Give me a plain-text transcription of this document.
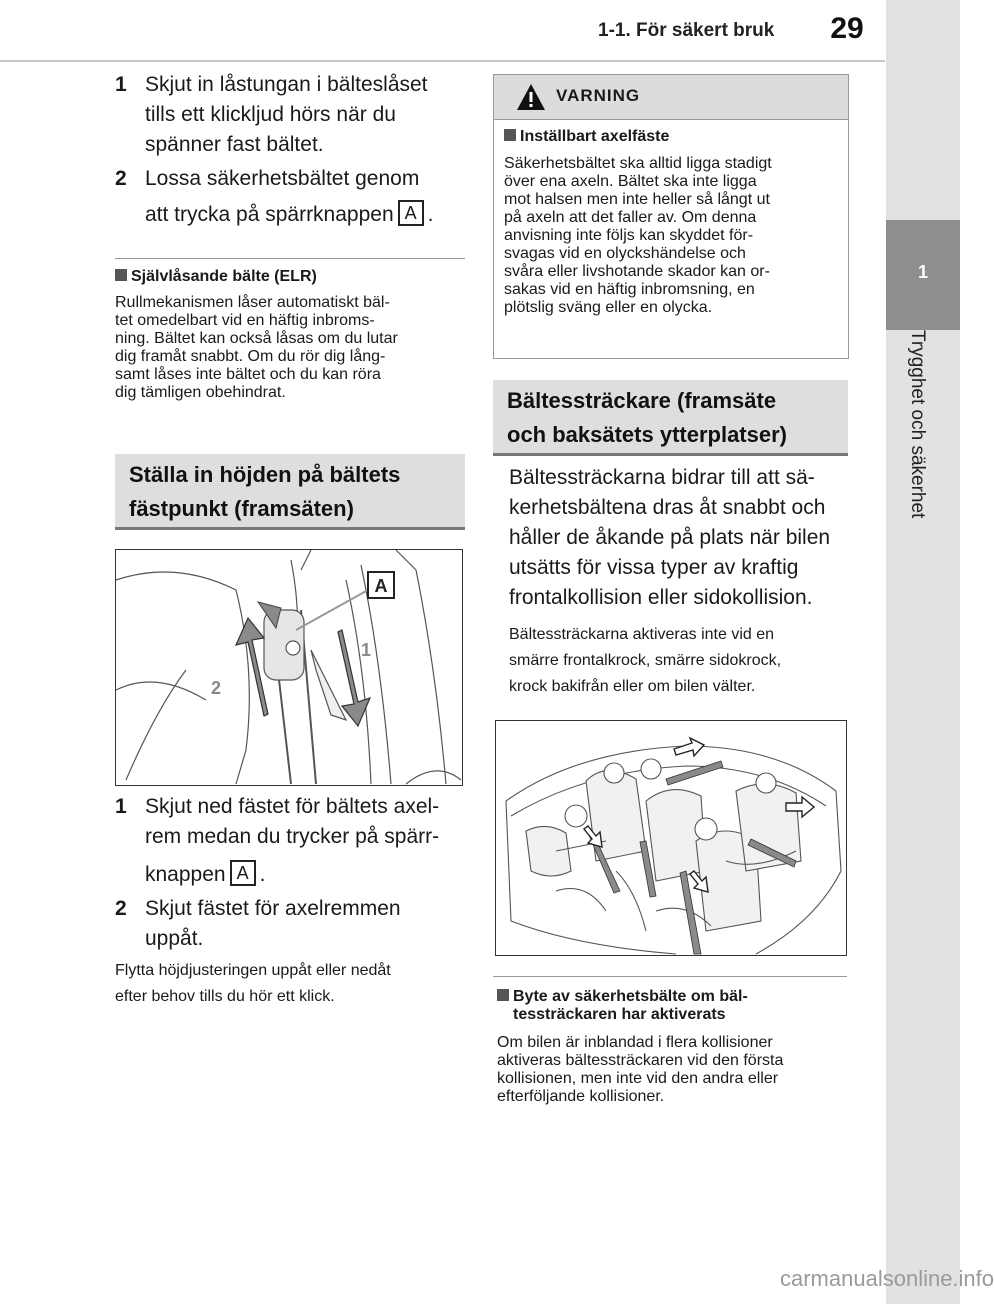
1-1. För säkert bruk	29
1
Trygghet och säkerhet
1 Skjut in låstungan i bälteslåset
tills ett klickljud hörs när du
spänner fast bältet.
2 Lossa säkerhetsbältet genom
att trycka på spärrknappen A .
Självlåsande bälte (ELR)
Rullmekanismen låser automatiskt bäl-
tet omedelbart vid en häftig inbroms-
ning. Bältet kan också låsas om du lutar
dig framåt snabbt. Om du rör dig lång-
samt låses inte bältet och du kan röra
dig tämligen obehindrat.
Ställa in höjden på bältets
fästpunkt (framsäten)
A
1
2
1 Skjut ned fästet för bältets axel-
rem medan du trycker på spärr-
knappen A .
2 Skjut fästet för axelremmen
uppåt.
Flytta höjdjusteringen uppåt eller nedåt
efter behov tills du hör ett klick.
VARNING
Inställbart axelfäste
Säkerhetsbältet ska alltid ligga stadigt
över ena axeln. Bältet ska inte ligga
mot halsen men inte heller så långt ut
på axeln att det faller av. Om denna
anvisning inte följs kan skyddet för-
svagas vid en olyckshändelse och
svåra eller livshotande skador kan or-
sakas vid en häftig inbromsning, en
plötslig sväng eller en olycka.
Bältessträckare (framsäte
och baksätets ytterplatser)
Bältessträckarna bidrar till att sä-
kerhetsbältena dras åt snabbt och
håller de åkande på plats när bilen
utsätts för vissa typer av kraftig
frontalkollision eller sidokollision.
Bältessträckarna aktiveras inte vid en
smärre frontalkrock, smärre sidokrock,
krock bakifrån eller om bilen välter.
Byte av säkerhetsbälte om bäl-
tessträckaren har aktiverats
Om bilen är inblandad i flera kollisioner
aktiveras bältessträckaren vid den första
kollisionen, men inte vid den andra eller
efterföljande kollisioner.
carmanualsonline.info
